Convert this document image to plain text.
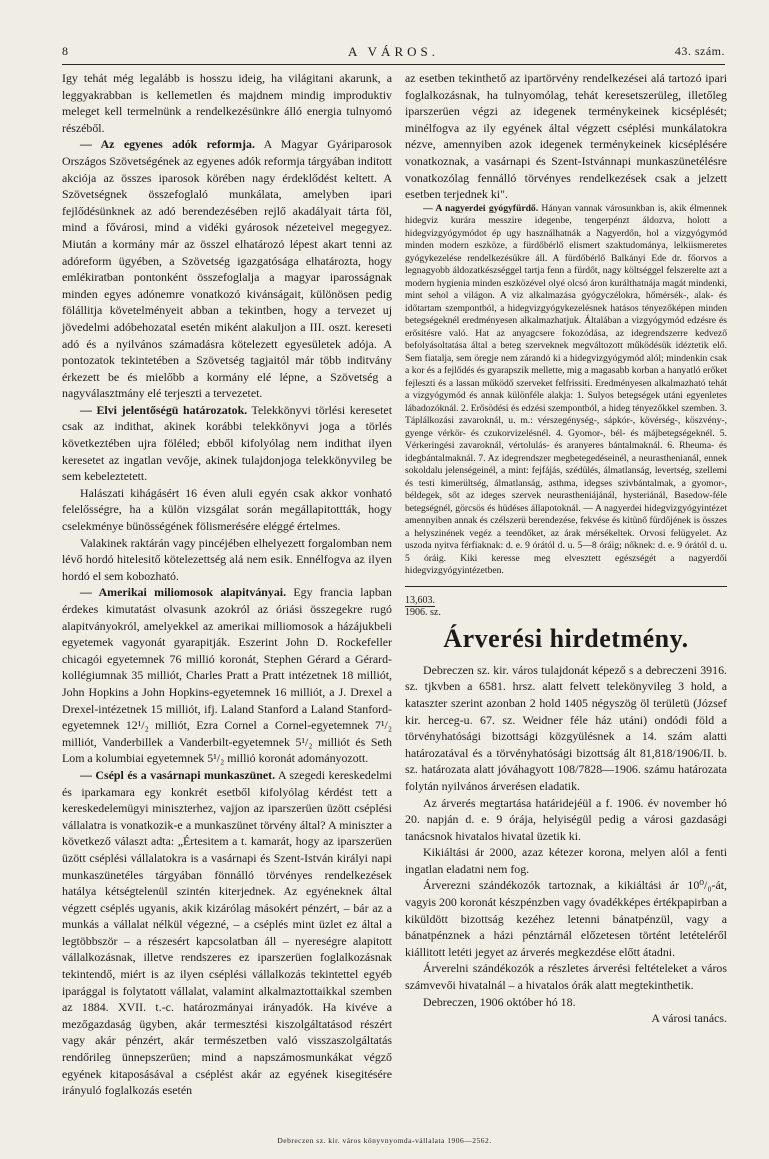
8	A VÁROS.	43. szám.

Igy tehát még legalább is hosszu ideig, ha világitani akarunk, a leggyakrabban is kellemetlen és majdnem mindig improduktiv meleget kell termelnünk a rendelkezésünkre álló energia tulnyomó részéből.

— Az egyenes adók reformja. A Magyar Gyáriparosok Országos Szövetségének az egyenes adók reformja tárgyában inditott akciója az összes iparosok körében nagy érdeklődést keltett. A Szövetségnek összefoglaló munkálata, amelyben ipari fejlődésünknek az adó berendezésében rejlő akadályait tárta föl, mind a fővárosi, mind a vidéki gyárosok nézeteivel megegyez. Miután a kormány már az összel elhatározó lépest akart tenni az adóreform ügyében, a Szövetség igazgatósága elhatározta, hogy emlékiratban pontonként összefoglalja a magyar iparosságnak minden egyes adónemre vonatkozó kivánságait, különösen pedig fölállitja követelményeit abban a tekintben, hogy a tervezet uj jövedelmi adóbehozatal esetén miként alakuljon a III. oszt. kereseti adó és a nyilvános számadásra kötelezett egyesületek adója. A pontozatok tekintetében a Szövetség tagjaitól már több inditvány érkezett be és mielőbb a kormány elé lépne, a Szövetség a nagyválasztmány elé terjeszti a tervezetet.

— Elvi jelentőségü határozatok. Telekkönyvi törlési keresetet csak az indithat, akinek korábbi telekkönyvi joga a törlés következtében ujra föléled; ebből kifolyólag nem indithat ilyen keresetet az ingatlan vevője, akinek tulajdonjoga telekkönyvileg be sem kebeleztetett.

Halászati kihágásért 16 éven aluli egyén csak akkor vonható felelősségre, ha a külön vizsgálat során megállapitottták, hogy cselekménye bünösségének fölismerésére eléggé értelmes.

Valakinek raktárán vagy pincéjében elhelyezett forgalomban nem lévő hordó hitelesitő kötelezettség alá nem esik. Ennélfogva az ilyen hordó el sem kobozható.

— Amerikai miliomosok alapitványai. Egy francia lapban érdekes kimutatást olvasunk azokról az óriási összegekre rugó alapitványokról, amelyekkel az amerikai milliomosok a házájukbeli egyetemek vagyonát gyarapitják. Eszerint John D. Rockefeller chicagói egyetemnek 76 millió koronát, Stephen Gérard a Gérard-kollégiumnak 35 milliót, Charles Pratt a Pratt intézetnek 18 milliót, John Hopkins a John Hopkins-egyetemnek 16 milliót, a J. Drexel a Drexel-intézetnek 15 milliót, ifj. Laland Stanford a Laland Stanford-egyetemnek 12¹/₂ milliót, Ezra Cornel a Cornel-egyetemnek 7¹/₂ milliót, Vanderbillek a Vanderbilt-egyetemnek 5¹/₂ milliót és Seth Lom a kolumbiai egyetemnek 5¹/₂ millió koronát adományozott.

— Csépl és a vasárnapi munkaszünet. A szegedi kereskedelmi és iparkamara egy konkrét esetből kifolyólag kérdést tett a kereskedelemügyi miniszterhez, vajjon az iparszerüen üzött cséplési vállalatra is vonatkozik-e a munkaszünet törvény által? A miniszter a következő választ adta: „Értesitem a t. kamarát, hogy az iparszerüen üzött cséplési vállalatokra is a vasárnapi és Szent-István királyi napi munkaszünetéles tárgyában fönnálló törvényes rendelkezések hatálya kétségtelenül szintén kiterjednek. Az egyéneknek által végzett cséplés ugyanis, akik kizárólag másokért pénzért, – bár az a munkás a vállalat nélkül végezné, – a cséplés mint üzlet ez által a legtöbbször – a részesért kapcsolatban áll – nyereségre alapitott vállalkozásnak, illetve rendszeres ez iparszerüen foglalkozásnak tekintendő, miért is az ilyen cséplési vállalkozás tekintettel egyéb iparággal is folytatott vállalat, valamint alkalmaztottaikkal szemben az 1884. XVII. t.-c. határozmányai irányadók. Ha kivéve a mezőgazdaság ügyben, akár termesztési kiszolgáltatásod részért vagy akár pénzért, akár természetben való visszaszolgáltatás rendőrileg ünnepszerüen; mind a napszámosmunkákat végző egyének kitaposásával a cséplést akár az egyének kisegitésére irányuló foglalkozás esetén

az esetben tekinthető az ipartörvény rendelkezései alá tartozó ipari foglalkozásnak, ha tulnyomólag, tehát keresetszerüleg, illetőleg iparszerüen végzi az idegenek terménykeinek kicséplését; minélfogva az ily egyének által végzett cséplési munkálatokra nézve, amennyiben azok idegenek terménykeinek kicséplésére vonatkoznak, a vasárnapi és Szent-Istvánnapi munkaszünetélésre vonatkozólag fennálló törvényes rendelkezések csak a jelzett esetben terjednek ki".

— A nagyerdei gyógyfürdő. Hányan vannak városunkban is, akik élmennek hidegviz kurára messzire idegenbe, tengerpénzt áldozva, holott a hidegvizgyógymódot ép ugy használhatnák a Nagyerdőn, hol a vizgyógymód minden modern eszköze, a fürdőbérlő elismert szaktudománya, lelkiismeretes gyógykezelése rendelkezésükre áll. A fürdőbérlő Balkányi Ede dr. főorvos a legnagyobb áldozatkészséggel tartja fenn a fürdőt, nagy költséggel felszerelte azt a modern hygienia minden eszközével olyé olcsó áron kurálthatnája magát mindenki, mint sehol a világon. A viz alkalmazása gyógyczélokra, hőmérsék-, alak- és időtartam szempontból, a hidegvizgyógykezelésnek hatásos tényezőképen minden betegségeknél eredményesen alkalmazhatjuk. Általában a vizgyógymód edzésre és erősitésre való. Hat az anyagcsere fokozódása, az idegrendszerre kedvező befolyásoltatása által a beteg szerveknek megváltozott működésük idéztetik elő. Sem fiatalja, sem öregje nem zárandó ki a hidegvizgyógymód alól; mindenkin csak a kor és a fejlődés és gyarapszik mellette, mig a magasabb korban a hanyatló erőket fejleszti és a lassan működő szerveket felfrissiti. Eredményesen alkalmazható tehát a vizgyógymód és annak különféle alakja: 1. Sulyos betegségek utáni egyenletes lábadozóknál. 2. Erősödési és edzési szempontból, a hideg tényezőkkel szemben. 3. Táplálkozási zavaroknál, u. m.: vérszegénység-, sápkór-, kövérség-, köszvény-, gyenge vérkör- és czukorvizelésnél. 4. Gyomor-, bél- és májbetegségeknél. 5. Vérkeringési zavaroknál, vértolulás- és aranyeres bántalmaknál. 6. Rheuma- és idegbántalmaknál. 7. Az idegrendszer megbetegedéseinél, a neurasthenianál, ennek sokoldalu jelenségeinél, a mint: fejfájás, szédülés, álmatlanság, levertség, szellemi és testi kimerültség, álmatlanság, asthma, idegses szivbántalmak, a gyomor-, béldegek, sőt az ideges szervek neurastheniájánál, hysteriánál, Basedow-féle betegségnél, görcsös és hüdéses állapotoknál. — A nagyerdei hidegvizgyógyintézet amennyiben annak és czélszerü berendezése, fekvése és kitünő fürdőjének is összes a helyszinének vegéz a teendőket, az árak mérsékeltek. Orvosi felügyelet. Az uszoda nyitva férfiaknak: d. e. 9 órától d. u. 5—8 óráig; nőknek: d. e. 9 órától d. u. 5 óráig. Kiki keresse meg elvesztett egészségét a nagyerdői hidegvizgyógyintézetben.

13,603.
1906. sz.
Árverési hirdetmény.

Debreczen sz. kir. város tulajdonát képező s a debreczeni 3916. sz. tjkvben a 6581. hrsz. alatt felvett telekönyvileg 3 hold, a kataszter szerint azonban 2 hold 1405 négyszög öl területü (József kir. herceg-u. 67. sz. Weidner féle ház utáni) ondódi föld a törvényhatósági bizottsági közgyülésnek a 14. szám alatti határozatával és a törvényhatósági bizottság ált 81,818/1906/II. b. sz. határozata alatt jóváhagyott 108/7828—1906. számu határozata folytán nyilvános árverésen eladatik.

Az árverés megtartása határidejéül a f. 1906. év november hó 20. napján d. e. 9 órája, helyiségül pedig a városi gazdasági tanácsnok hivatalos hivatal üzetik ki.

Kikiáltási ár 2000, azaz kétezer korona, melyen alól a fenti ingatlan eladatni nem fog.

Árverezni szándékozók tartoznak, a kikiáltási ár 10⁰/₀-át, vagyis 200 koronát készpénzben vagy óvadékképes értékpapirban a kiküldött bizottság kezéhez letenni bánatpénzül, vagy a bánatpénznek a házi pénztárnál előzetesen történt letételéről kiállitott letéti jegyet az árverés megkezdése előtt átadni.

Árverelni szándékozók a részletes árverési feltételeket a város számvevői hivatalnál – a hivatalos órák alatt megtekinthetik.

Debreczen, 1906 október hó 18.

A városi tanács.
Debreczen sz. kir. város könyvnyomda-vállalata 1906—2562.
